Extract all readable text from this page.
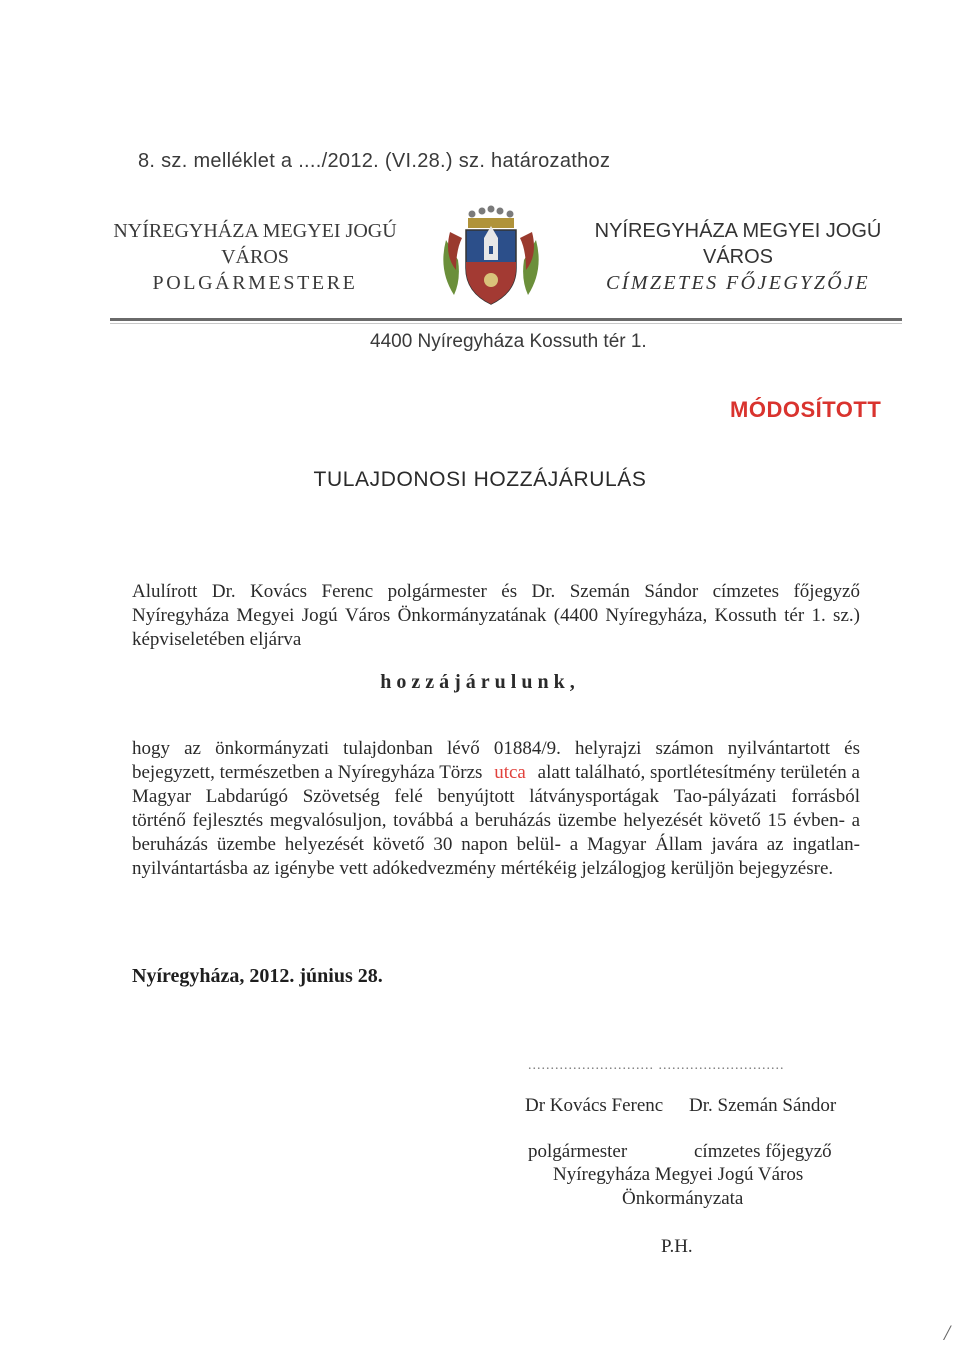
8. sz. melléklet a ..../2012. (VI.28.) sz. határozathoz
NYÍREGYHÁZA MEGYEI JOGÚ
VÁROS
POLGÁRMESTERE
NYÍREGYHÁZA MEGYEI JOGÚ
VÁROS
CÍMZETES FŐJEGYZŐJE
4400 Nyíregyháza Kossuth tér 1.
MÓDOSÍTOTT
TULAJDONOSI HOZZÁJÁRULÁS
Alulírott Dr. Kovács Ferenc polgármester és Dr. Szemán Sándor címzetes főjegyző
Nyíregyháza Megyei Jogú Város Önkormányzatának (4400 Nyíregyháza, Kossuth tér 1. sz.)
képviseletében eljárva
hozzájárulunk,
hogy az önkormányzati tulajdonban lévő 01884/9. helyrajzi számon nyilvántartott és
bejegyzett, természetben a Nyíregyháza Törzs utca alatt található, sportlétesítmény területén a
Magyar Labdarúgó Szövetség felé benyújtott látványsportágak Tao-pályázati forrásból
történő fejlesztés megvalósuljon, továbbá a beruházás üzembe helyezését követő 15 évben- a
beruházás üzembe helyezését követő 30 napon belül- a Magyar Állam javára az ingatlan-
nyilvántartásba az igénybe vett adókedvezmény mértékéig jelzálogjog kerüljön bejegyzésre.
Nyíregyháza, 2012. június 28.
............................ ............................
Dr Kovács Ferenc Dr. Szemán Sándor
polgármester	címzetes főjegyző
Nyíregyháza Megyei Jogú Város
Önkormányzata
P.H.
/
